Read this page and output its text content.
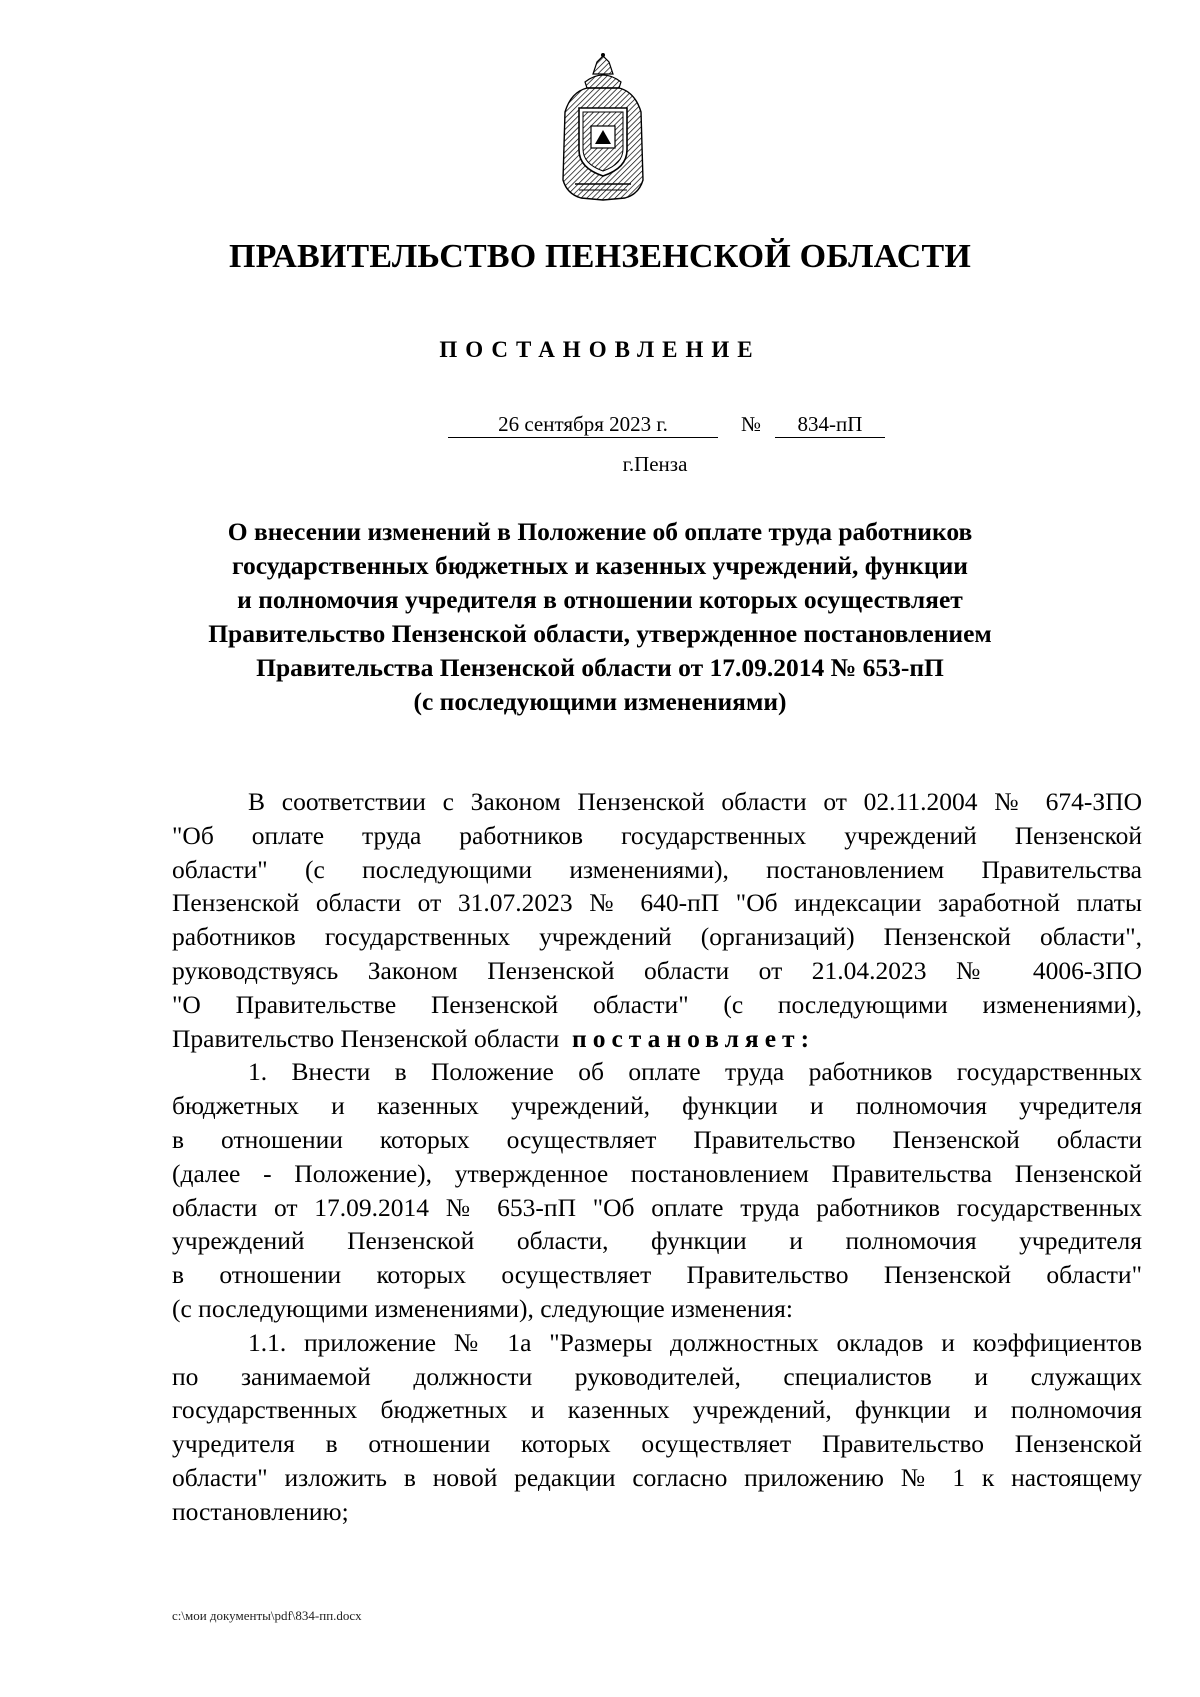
ПРАВИТЕЛЬСТВО ПЕНЗЕНСКОЙ ОБЛАСТИ
ПОСТАНОВЛЕНИЕ
26 сентября 2023 г.	№	834-пП
г.Пенза
О внесении изменений в Положение об оплате труда работников
государственных бюджетных и казенных учреждений, функции
и полномочия учредителя в отношении которых осуществляет
Правительство Пензенской области, утвержденное постановлением
Правительства Пензенской области от 17.09.2014 № 653-пП
(с последующими изменениями)
В соответствии с Законом Пензенской области от 02.11.2004 № 674-ЗПО
"Об оплате труда работников государственных учреждений Пензенской
области" (с последующими изменениями), постановлением Правительства
Пензенской области от 31.07.2023 № 640-пП "Об индексации заработной платы
работников государственных учреждений (организаций) Пензенской области",
руководствуясь Законом Пензенской области от 21.04.2023 № 4006-ЗПО
"О Правительстве Пензенской области" (с последующими изменениями),
Правительство Пензенской области постановляет:
1. Внести в Положение об оплате труда работников государственных
бюджетных и казенных учреждений, функции и полномочия учредителя
в отношении которых осуществляет Правительство Пензенской области
(далее - Положение), утвержденное постановлением Правительства Пензенской
области от 17.09.2014 № 653-пП "Об оплате труда работников государственных
учреждений Пензенской области, функции и полномочия учредителя
в отношении которых осуществляет Правительство Пензенской области"
(с последующими изменениями), следующие изменения:
1.1. приложение № 1а "Размеры должностных окладов и коэффициентов
по занимаемой должности руководителей, специалистов и служащих
государственных бюджетных и казенных учреждений, функции и полномочия
учредителя в отношении которых осуществляет Правительство Пензенской
области" изложить в новой редакции согласно приложению № 1 к настоящему
постановлению;
c:\мои документы\pdf\834-пп.docx
